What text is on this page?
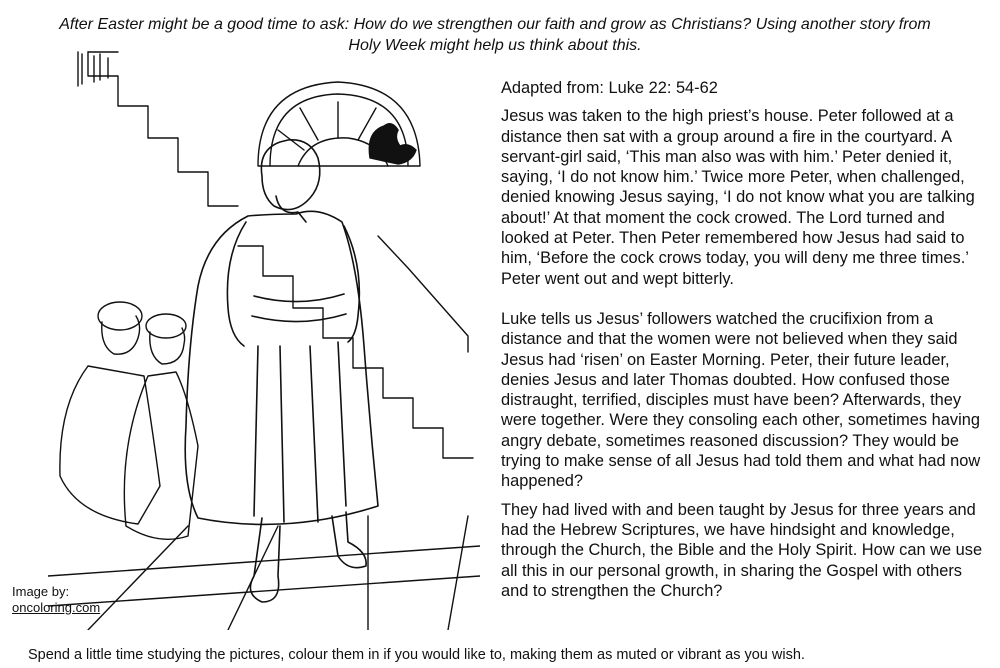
After Easter might be a good time to ask: How do we strengthen our faith and grow as Christians? Using another story from
Holy Week might help us think about this.
Image by:
oncoloring.com

Adapted from: Luke 22: 54-62

Jesus was taken to the high priest’s house. Peter followed at a distance then sat with a group around a fire in the courtyard. A servant-girl said, ‘This man also was with him.’ Peter denied it, saying, ‘I do not know him.’ Twice more Peter, when challenged, denied knowing Jesus saying, ‘I do not know what you are talking about!’ At that moment the cock crowed. The Lord turned and looked at Peter. Then Peter remembered how Jesus had said to him, ‘Before the cock crows today, you will deny me three times.’ Peter went out and wept bitterly.

Luke tells us Jesus’ followers watched the crucifixion from a distance and that the women were not believed when they said Jesus had ‘risen’ on Easter Morning. Peter, their future leader, denies Jesus and later Thomas doubted. How confused those distraught, terrified, disciples must have been? Afterwards, they were together. Were they consoling each other, sometimes having angry debate, sometimes reasoned discussion? They would be trying to make sense of all Jesus had told them and what had now happened?

They had lived with and been taught by Jesus for three years and had the Hebrew Scriptures, we have hindsight and knowledge, through the Church, the Bible and the Holy Spirit. How can we use all this in our personal growth, in sharing the Gospel with others and to strengthen the Church?

Spend a little time studying the pictures, colour them in if you would like to, making them as muted or vibrant as you wish.
